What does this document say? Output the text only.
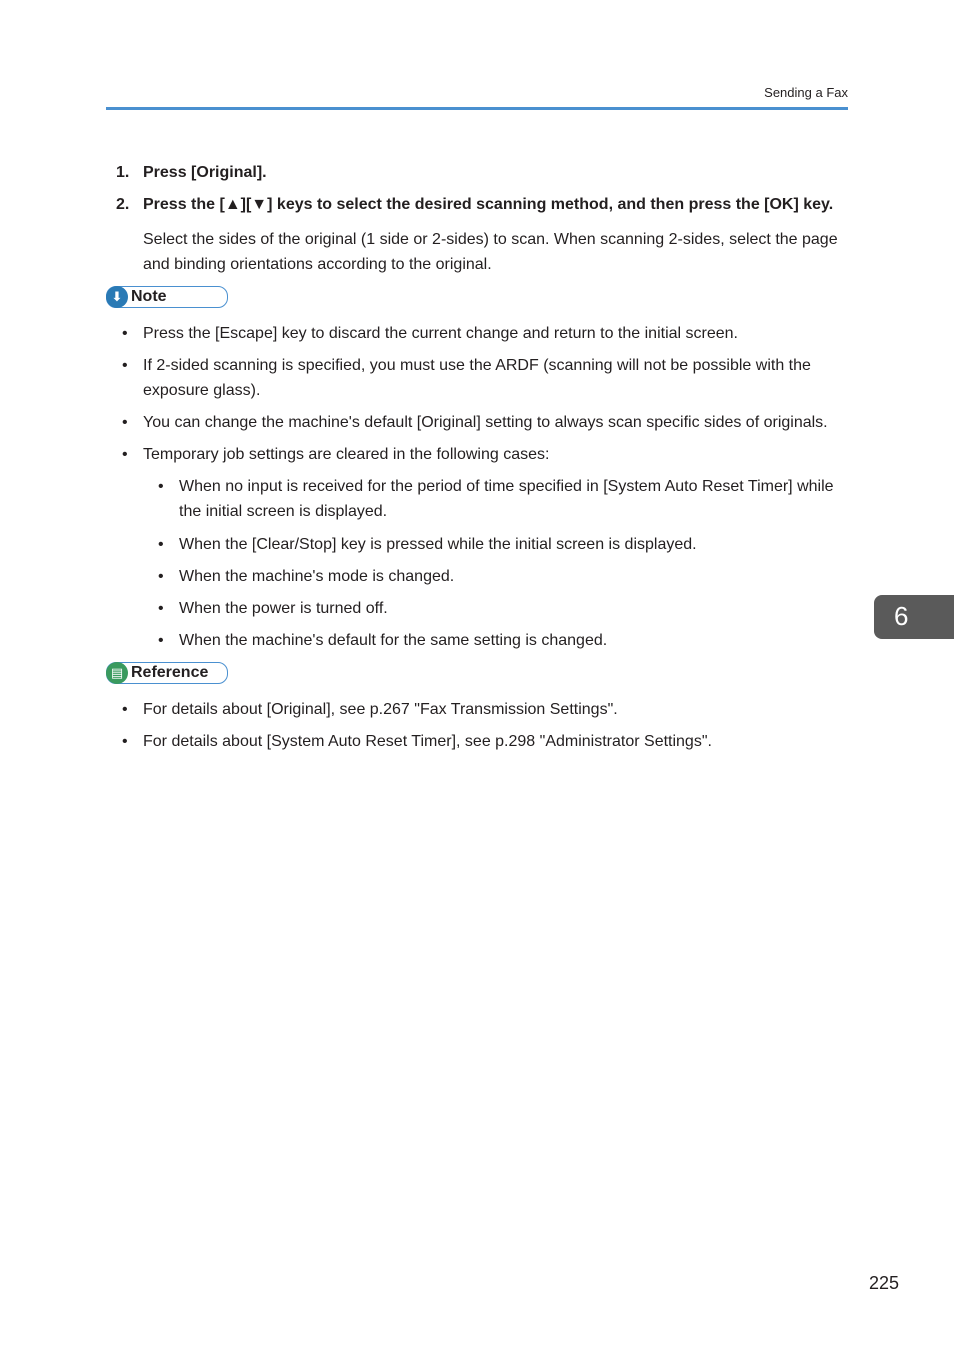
Sending a Fax
1. Press [Original].
2. Press the [▲][▼] keys to select the desired scanning method, and then press the [OK] key.
Select the sides of the original (1 side or 2-sides) to scan. When scanning 2-sides, select the page and binding orientations according to the original.
⬇ Note
• Press the [Escape] key to discard the current change and return to the initial screen.
• If 2-sided scanning is specified, you must use the ARDF (scanning will not be possible with the exposure glass).
• You can change the machine's default [Original] setting to always scan specific sides of originals.
• Temporary job settings are cleared in the following cases:
• When no input is received for the period of time specified in [System Auto Reset Timer] while the initial screen is displayed.
• When the [Clear/Stop] key is pressed while the initial screen is displayed.
• When the machine's mode is changed.
• When the power is turned off.
• When the machine's default for the same setting is changed.
▤ Reference
• For details about [Original], see p.267 "Fax Transmission Settings".
• For details about [System Auto Reset Timer], see p.298 "Administrator Settings".
6
225
